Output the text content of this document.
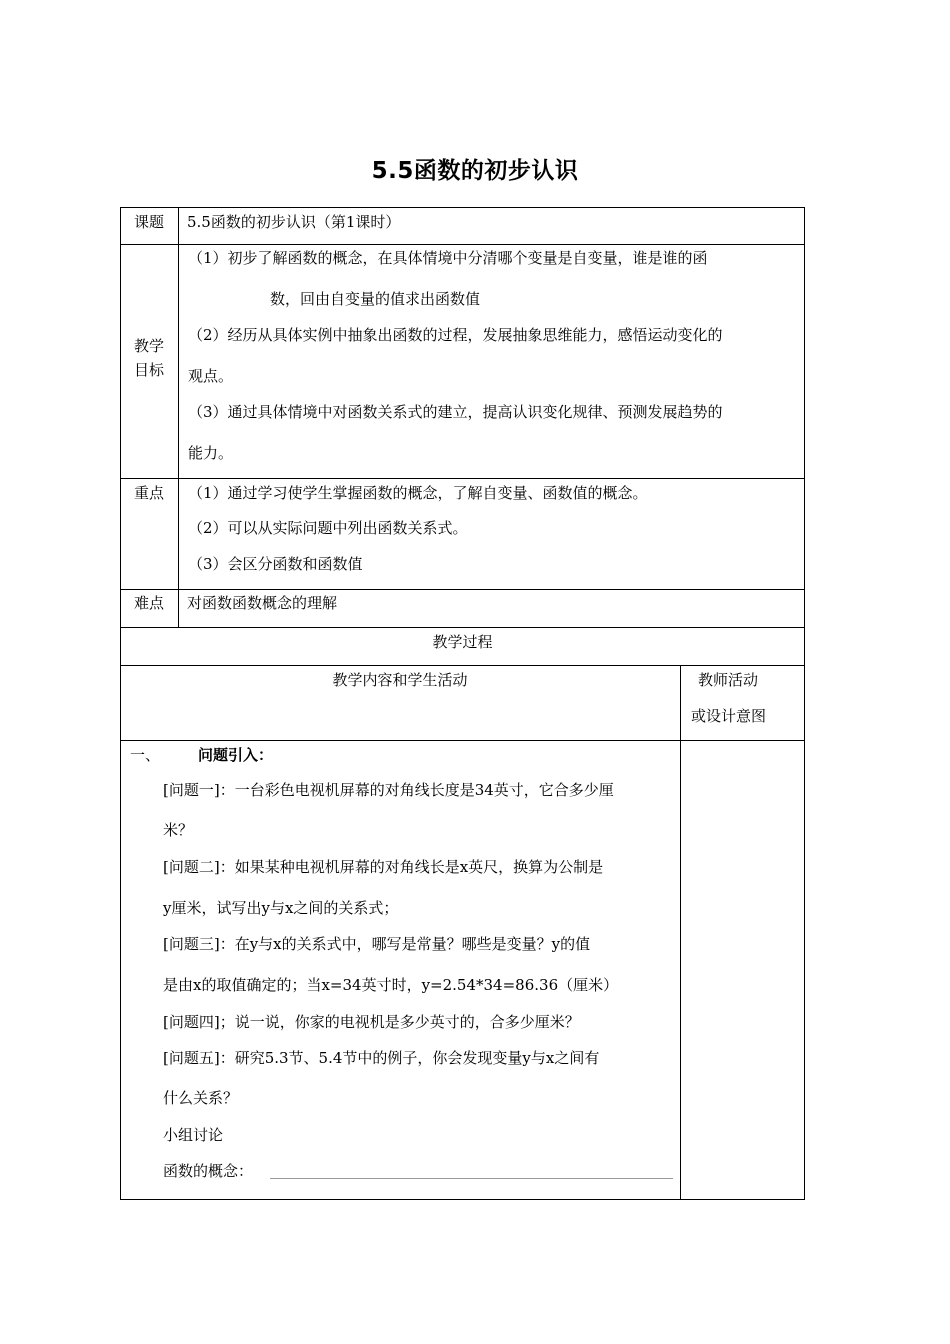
5.5函数的初步认识
课题 5.5函数的初步认识（第1课时）
教学
目标
（1）初步了解函数的概念，在具体情境中分清哪个变量是自变量，谁是谁的函
数，回由自变量的值求出函数值
（2）经历从具体实例中抽象出函数的过程，发展抽象思维能力，感悟运动变化的
观点。
（3）通过具体情境中对函数关系式的建立，提高认识变化规律、预测发展趋势的
能力。
重点 （1）通过学习使学生掌握函数的概念，了解自变量、函数值的概念。
（2）可以从实际问题中列出函数关系式。
（3）会区分函数和函数值
难点 对函数函数概念的理解
教学过程
教学内容和学生活动	教师活动
或设计意图
一、	问题引入：
[问题一]：一台彩色电视机屏幕的对角线长度是34英寸，它合多少厘
米？
[问题二]：如果某种电视机屏幕的对角线长是x英尺，换算为公制是
y厘米，试写出y与x之间的关系式；
[问题三]：在y与x的关系式中，哪写是常量？哪些是变量？y的值
是由x的取值确定的；当x=34英寸时，y=2.54*34=86.36（厘米）
[问题四]；说一说，你家的电视机是多少英寸的，合多少厘米？
[问题五]：研究5.3节、5.4节中的例子，你会发现变量y与x之间有
什么关系？
小组讨论
函数的概念：
